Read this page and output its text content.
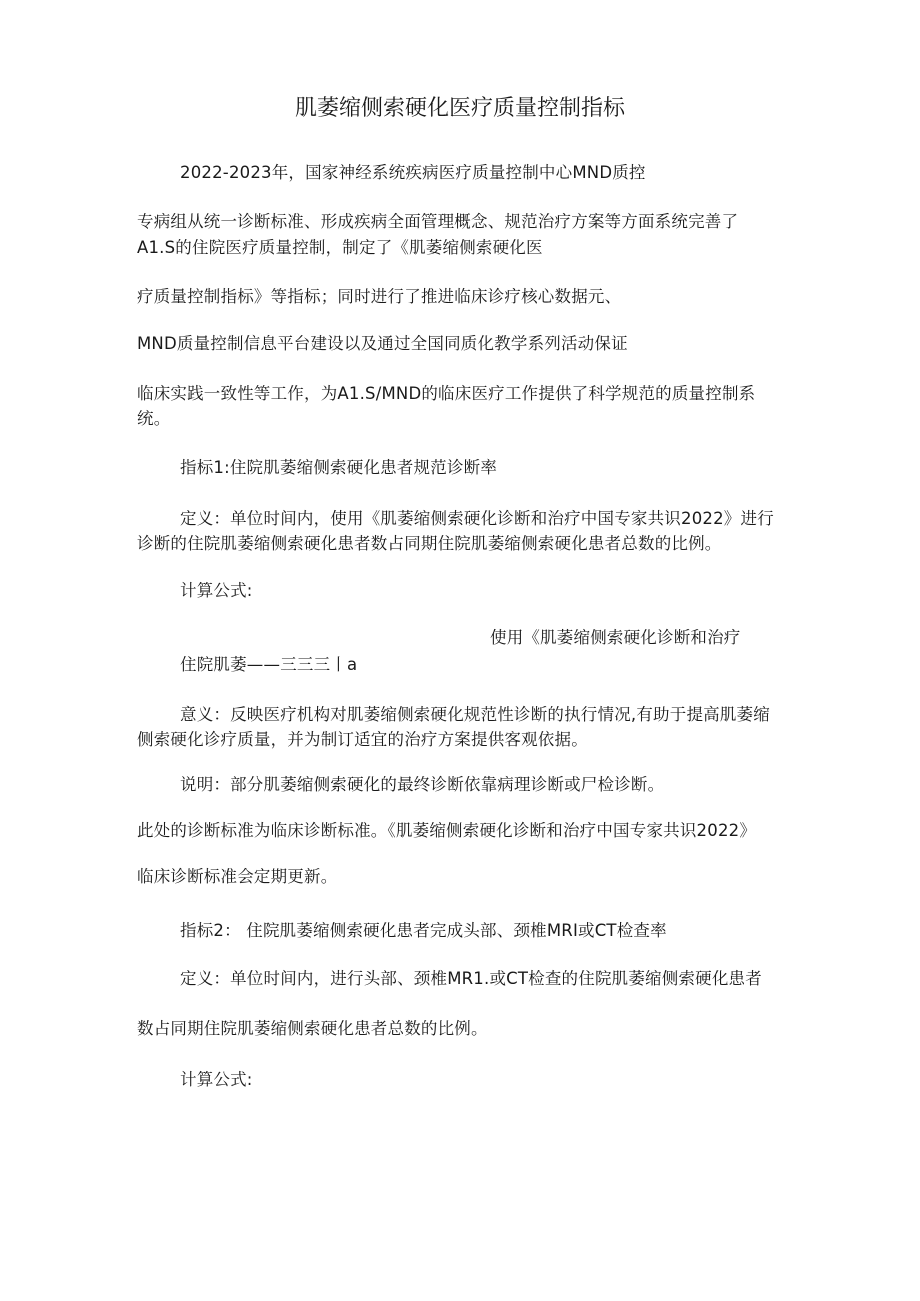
肌萎缩侧索硬化医疗质量控制指标
2022-2023年，国家神经系统疾病医疗质量控制中心MND质控
专病组从统一诊断标准、形成疾病全面管理概念、规范治疗方案等方面系统完善了
A1.S的住院医疗质量控制，制定了《肌萎缩侧索硬化医
疗质量控制指标》等指标；同时进行了推进临床诊疗核心数据元、
MND质量控制信息平台建设以及通过全国同质化教学系列活动保证
临床实践一致性等工作，为A1.S/MND的临床医疗工作提供了科学规范的质量控制系
统。
指标1:住院肌萎缩侧索硬化患者规范诊断率
定义：单位时间内，使用《肌萎缩侧索硬化诊断和治疗中国专家共识2022》进行
诊断的住院肌萎缩侧索硬化患者数占同期住院肌萎缩侧索硬化患者总数的比例。
计算公式:
使用《肌萎缩侧索硬化诊断和治疗
住院肌萎——三三三丨a
意义：反映医疗机构对肌萎缩侧索硬化规范性诊断的执行情况,有助于提高肌萎缩
侧索硬化诊疗质量，并为制订适宜的治疗方案提供客观依据。
说明：部分肌萎缩侧索硬化的最终诊断依靠病理诊断或尸检诊断。
此处的诊断标准为临床诊断标准。《肌萎缩侧索硬化诊断和治疗中国专家共识2022》
临床诊断标准会定期更新。
指标2： 住院肌萎缩侧索硬化患者完成头部、颈椎MRI或CT检查率
定义：单位时间内，进行头部、颈椎MR1.或CT检查的住院肌萎缩侧索硬化患者
数占同期住院肌萎缩侧索硬化患者总数的比例。
计算公式:
